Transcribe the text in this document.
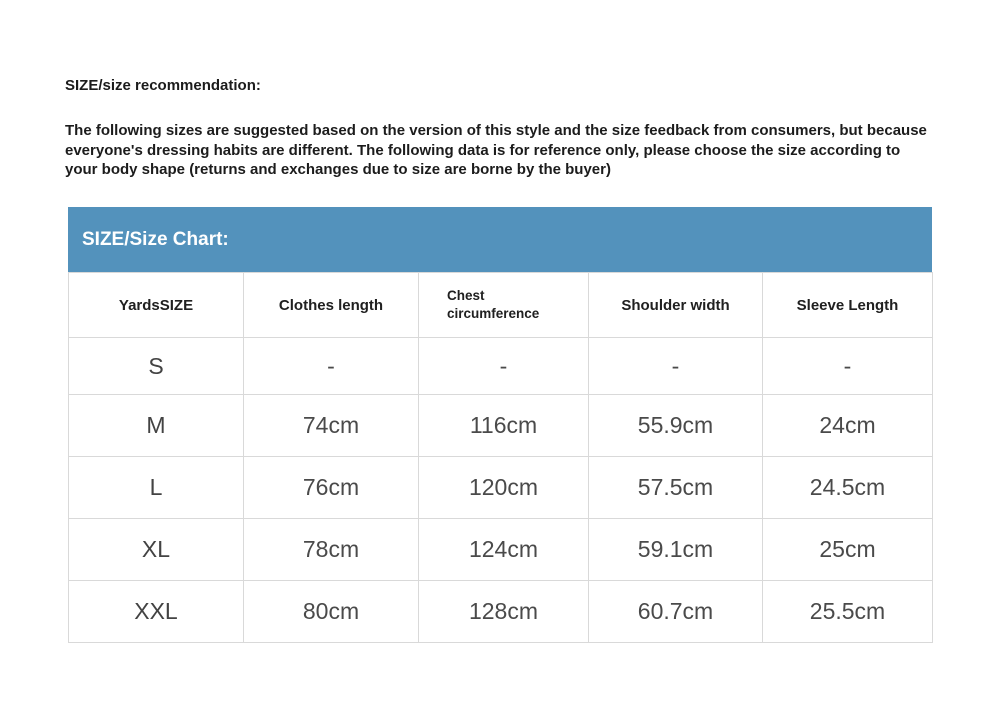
SIZE/size recommendation:
The following sizes are suggested based on the version of this style and the size feedback from consumers, but because everyone's dressing habits are different. The following data is for reference only, please choose the size according to your body shape (returns and exchanges due to size are borne by the buyer)
SIZE/Size Chart:
YardsSIZE	Clothes length	Chest circumference	Shoulder width	Sleeve Length
S	-	-	-	-
M	74cm	116cm	55.9cm	24cm
L	76cm	120cm	57.5cm	24.5cm
XL	78cm	124cm	59.1cm	25cm
XXL	80cm	128cm	60.7cm	25.5cm
